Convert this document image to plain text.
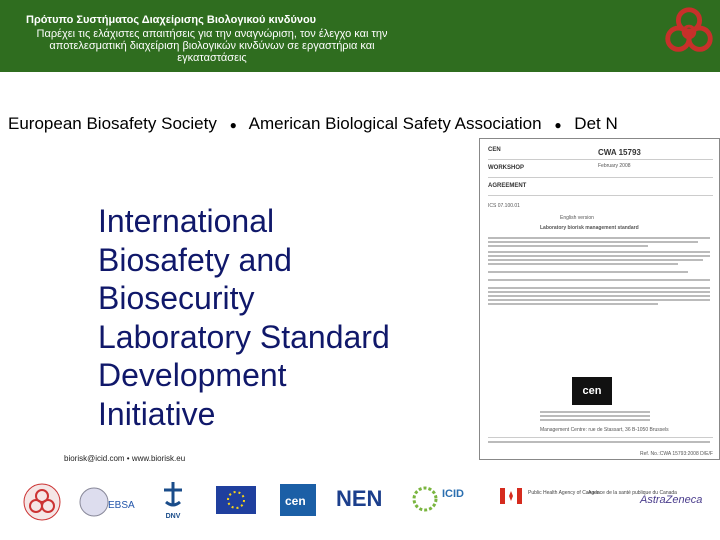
Πρότυπο Συστήματος Διαχείρισης Βιολογικού κινδύνου
Παρέχει τις ελάχιστες απαιτήσεις για την αναγνώριση, τον έλεγχο και την αποτελεσματική διαχείριση βιολογικών κινδύνων σε εργαστήρια και εγκαταστάσεις
European Biosafety Society ● American Biological Safety Association ● Det N
International
Biosafety and
Biosecurity
Laboratory Standard
Development
Initiative
CEN
WORKSHOP
AGREEMENT
CWA 15793
February 2008
ICS 07.100.01
English version
Laboratory biorisk management standard
cen
Management Centre: rue de Stassart, 36 B-1050 Brussels
Ref. No.:CWA 15793:2008 D/E/F
biorisk@icid.com • www.biorisk.eu
EBSA
DNV
cen NEN	ICID	Public Health Agency of Canada
Agence de la santé publique du Canada
AstraZeneca
